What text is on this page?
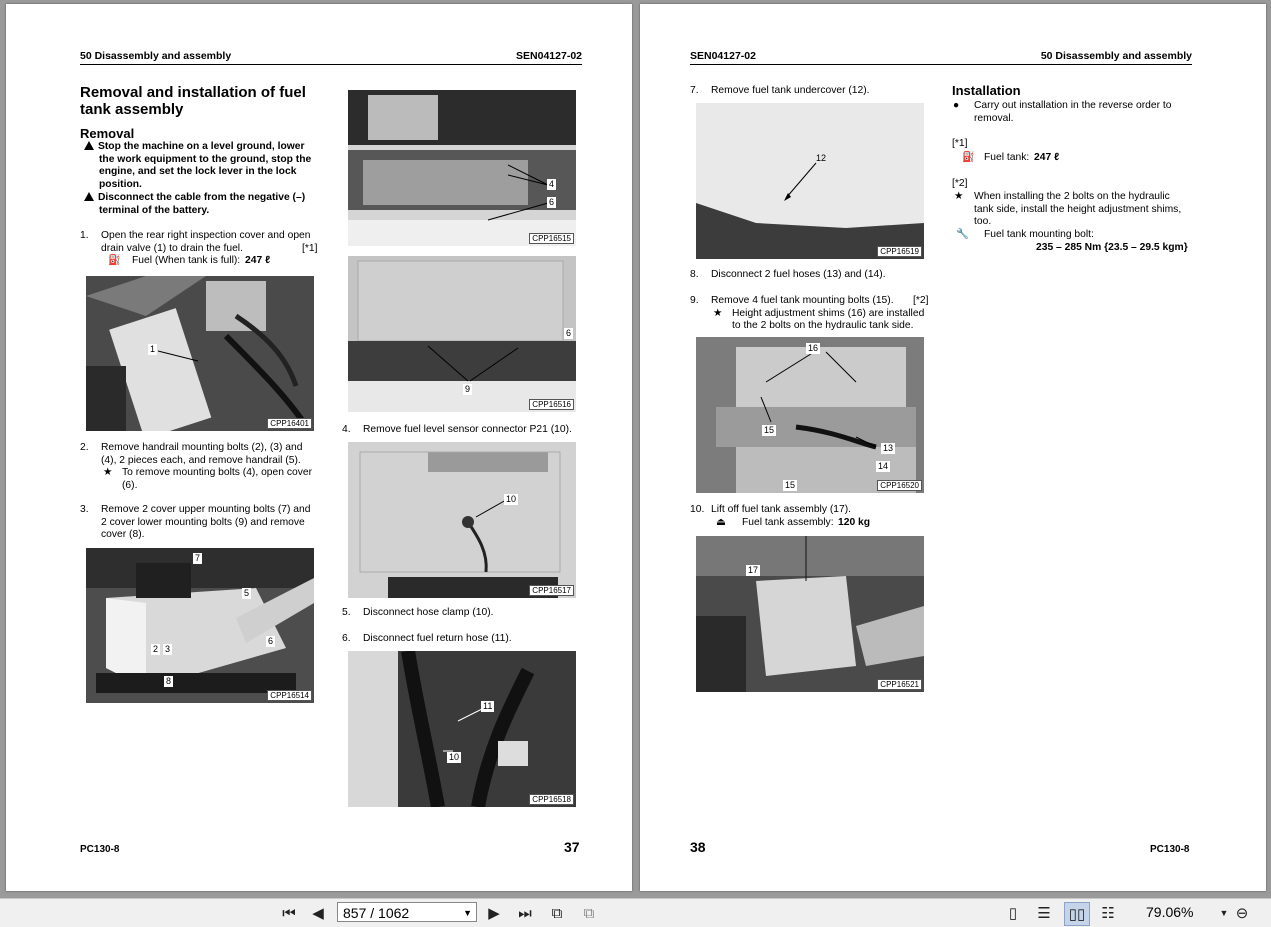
50 Disassembly and assembly	SEN04127-02
Removal and installation of fuel
tank assembly
Removal
Stop the machine on a level ground, lower
the work equipment to the ground, stop the
engine, and set the lock lever in the lock
position.
Disconnect the cable from the negative (–)
terminal of the battery.
1.	Open the rear right inspection cover and open

drain valve (1) to drain the fuel.	[*1]

⛽ Fuel (When tank is full): 247 ℓ
1
CPP16401
2.	Remove handrail mounting bolts (2), (3) and

(4), 2 pieces each, and remove handrail (5).

★ To remove mounting bolts (4), open cover

(6).
3.	Remove 2 cover upper mounting bolts (7) and

2 cover lower mounting bolts (9) and remove

cover (8).
7
5
6
2 3
8
CPP16514
4
6
CPP16515
6
9
CPP16516
4.	Remove fuel level sensor connector P21 (10).
10
CPP16517
5.	Disconnect hose clamp (10).
6.	Disconnect fuel return hose (11).
11
10
CPP16518
PC130-8	37
SEN04127-02	50 Disassembly and assembly
7.	Remove fuel tank undercover (12).
12
CPP16519
8.	Disconnect 2 fuel hoses (13) and (14).
9.	Remove 4 fuel tank mounting bolts (15). [*2]

★ Height adjustment shims (16) are installed

to the 2 bolts on the hydraulic tank side.
16
15
13
14
15	CPP16520
10. Lift off fuel tank assembly (17).

⏏ Fuel tank assembly: 120 kg
17
CPP16521
Installation
● Carry out installation in the reverse order to

removal.
[*1]
⛽ Fuel tank: 247 ℓ
[*2]
★ When installing the 2 bolts on the hydraulic

tank side, install the height adjustment shims,

too.
🔧 Fuel tank mounting bolt:

235 – 285 Nm {23.5 – 29.5 kgm}
38	PC130-8
⏮	◀	857 / 1062	▼	▶	⏭	⧉	⧉	▯	☰	▯▯	☷	79.06%	▼ ⊖
